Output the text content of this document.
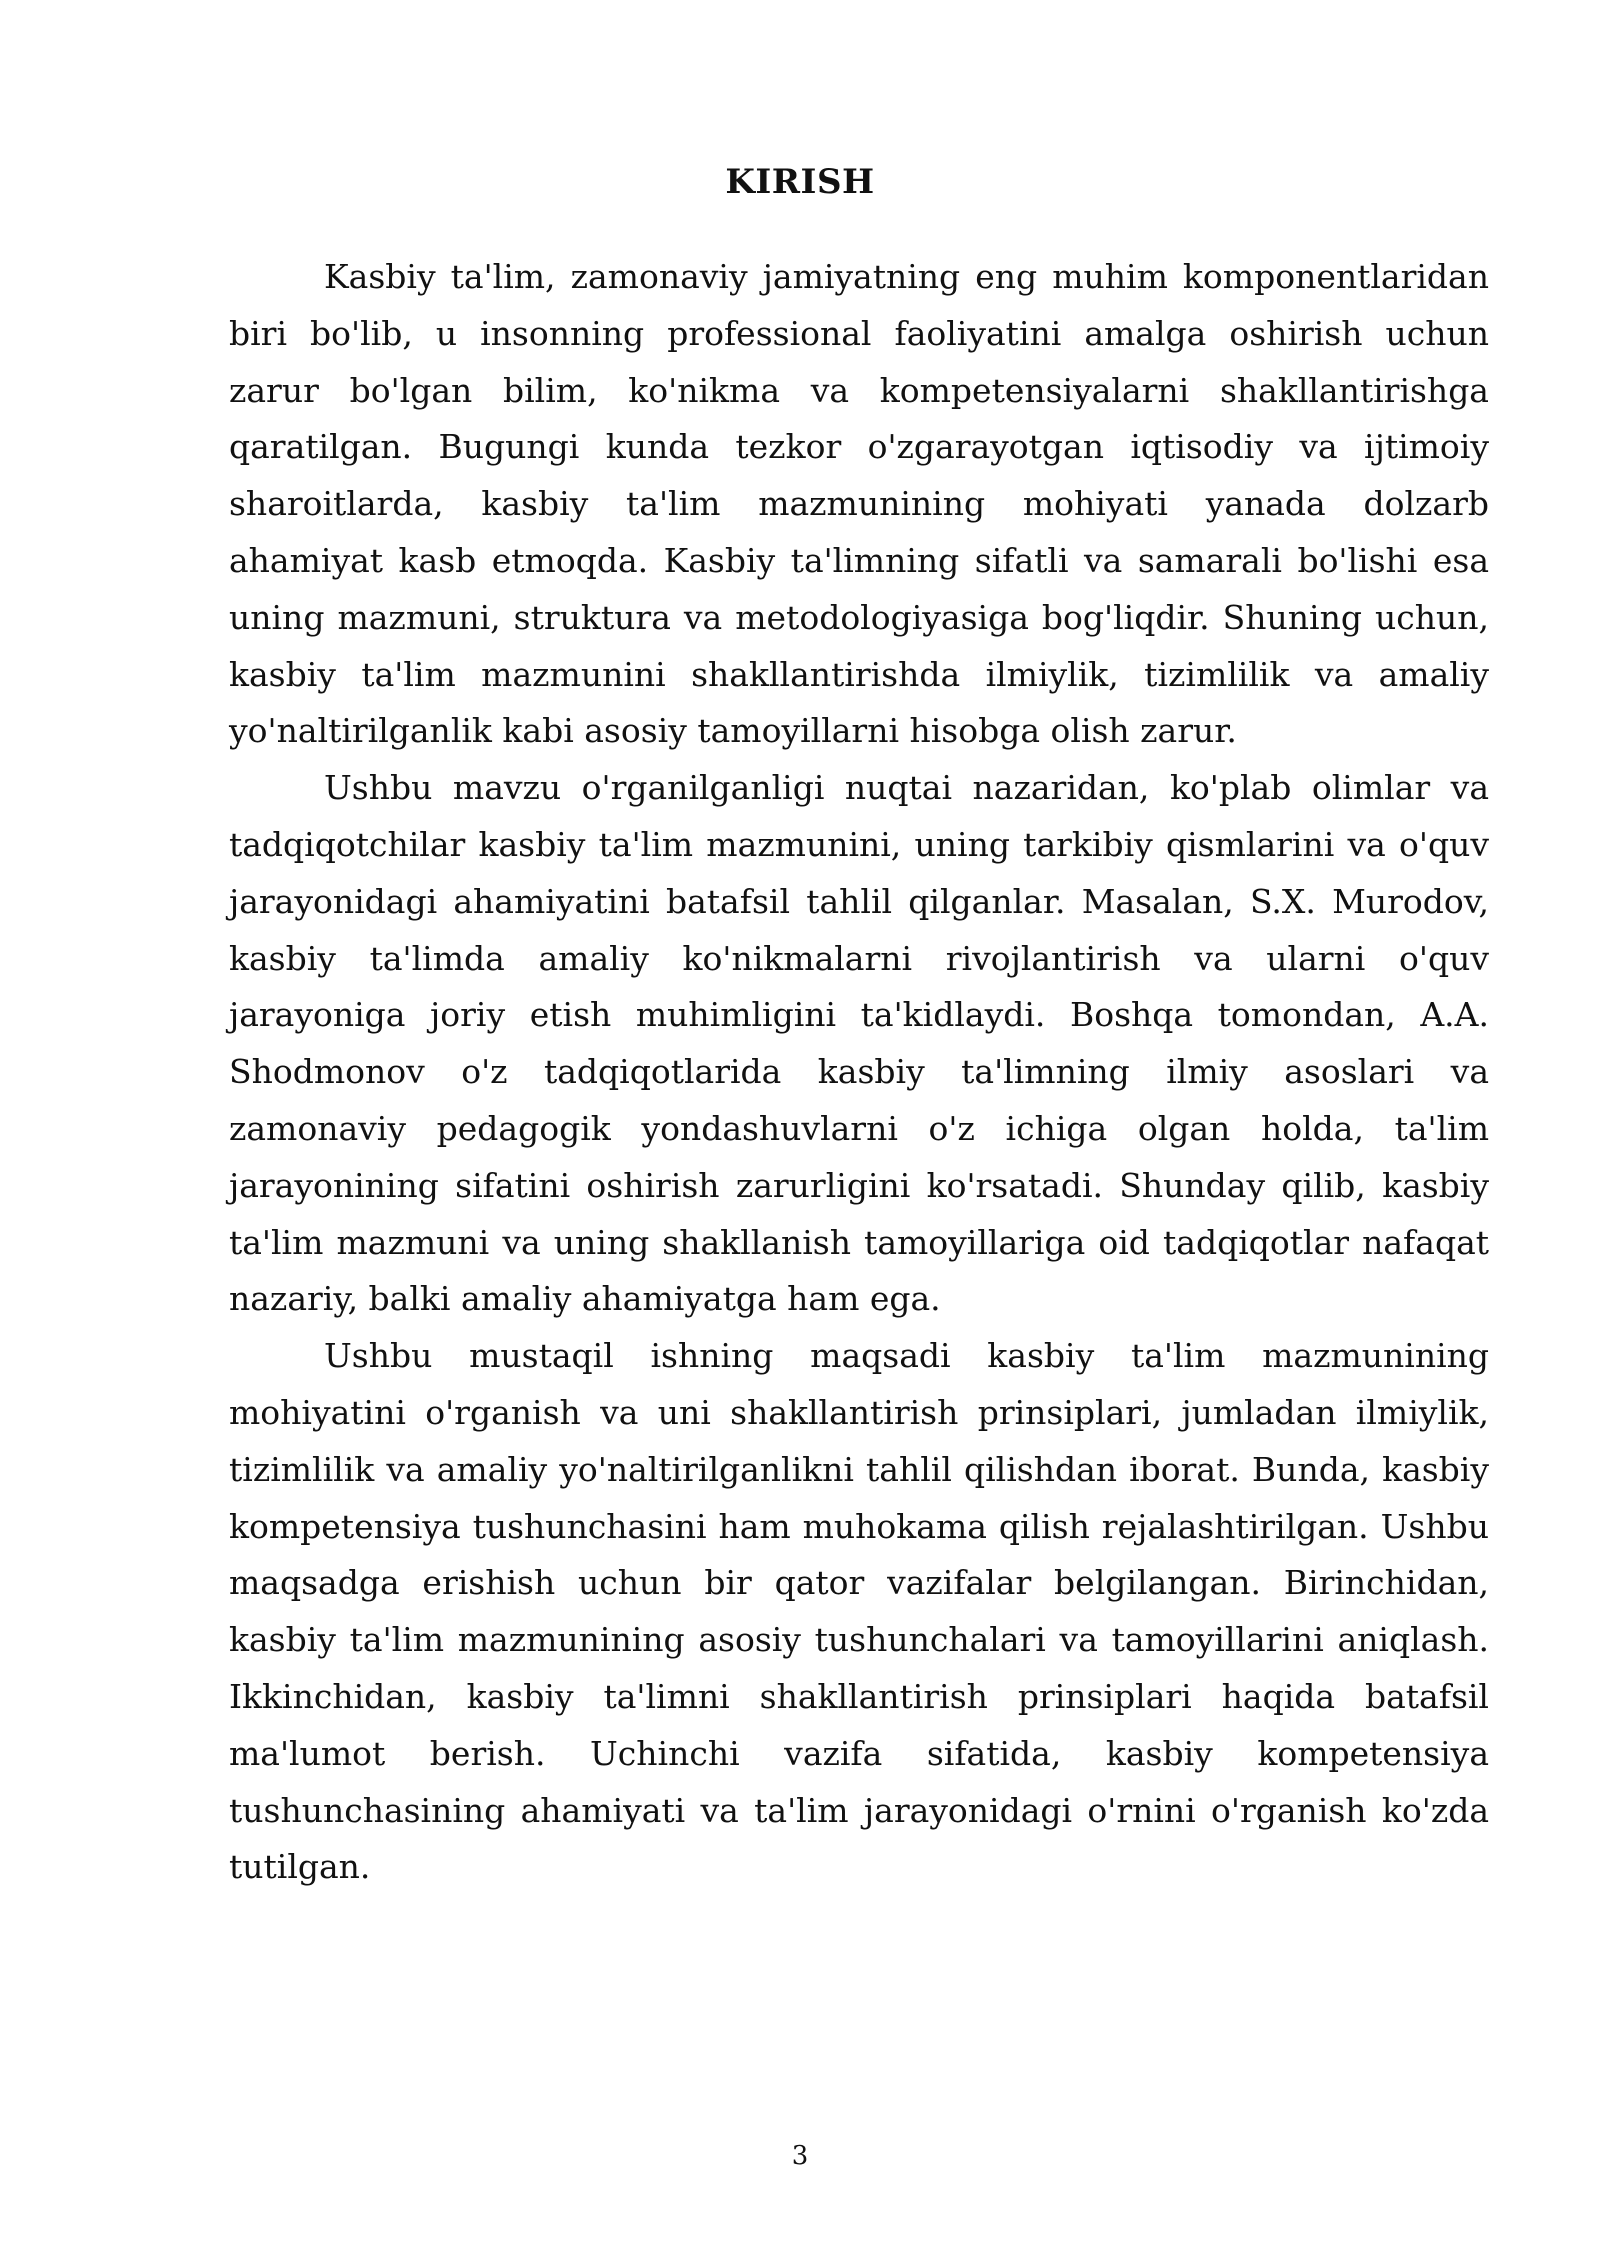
KIRISH

Kasbiy ta'lim, zamonaviy jamiyatning eng muhim komponentlaridan biri bo'lib, u insonning professional faoliyatini amalga oshirish uchun zarur bo'lgan bilim, ko'nikma va kompetensiyalarni shakllantirishga qaratilgan. Bugungi kunda tezkor o'zgarayotgan iqtisodiy va ijtimoiy sharoitlarda, kasbiy ta'lim mazmunining mohiyati yanada dolzarb ahamiyat kasb etmoqda. Kasbiy ta'limning sifatli va samarali bo'lishi esa uning mazmuni, struktura va metodologiyasiga bog'liqdir. Shuning uchun, kasbiy ta'lim mazmunini shakllantirishda ilmiylik, tizimlilik va amaliy yo'naltirilganlik kabi asosiy tamoyillarni hisobga olish zarur.

Ushbu mavzu o'rganilganligi nuqtai nazaridan, ko'plab olimlar va tadqiqotchilar kasbiy ta'lim mazmunini, uning tarkibiy qismlarini va o'quv jarayonidagi ahamiyatini batafsil tahlil qilganlar. Masalan, S.X. Murodov, kasbiy ta'limda amaliy ko'nikmalarni rivojlantirish va ularni o'quv jarayoniga joriy etish muhimligini ta'kidlaydi. Boshqa tomondan, A.A. Shodmonov o'z tadqiqotlarida kasbiy ta'limning ilmiy asoslari va zamonaviy pedagogik yondashuvlarni o'z ichiga olgan holda, ta'lim jarayonining sifatini oshirish zarurligini ko'rsatadi. Shunday qilib, kasbiy ta'lim mazmuni va uning shakllanish tamoyillariga oid tadqiqotlar nafaqat nazariy, balki amaliy ahamiyatga ham ega.

Ushbu mustaqil ishning maqsadi kasbiy ta'lim mazmunining mohiyatini o'rganish va uni shakllantirish prinsiplari, jumladan ilmiylik, tizimlilik va amaliy yo'naltirilganlikni tahlil qilishdan iborat. Bunda, kasbiy kompetensiya tushunchasini ham muhokama qilish rejalashtirilgan. Ushbu maqsadga erishish uchun bir qator vazifalar belgilangan. Birinchidan, kasbiy ta'lim mazmunining asosiy tushunchalari va tamoyillarini aniqlash. Ikkinchidan, kasbiy ta'limni shakllantirish prinsiplari haqida batafsil ma'lumot berish. Uchinchi vazifa sifatida, kasbiy kompetensiya tushunchasining ahamiyati va ta'lim jarayonidagi o'rnini o'rganish ko'zda tutilgan.

3
